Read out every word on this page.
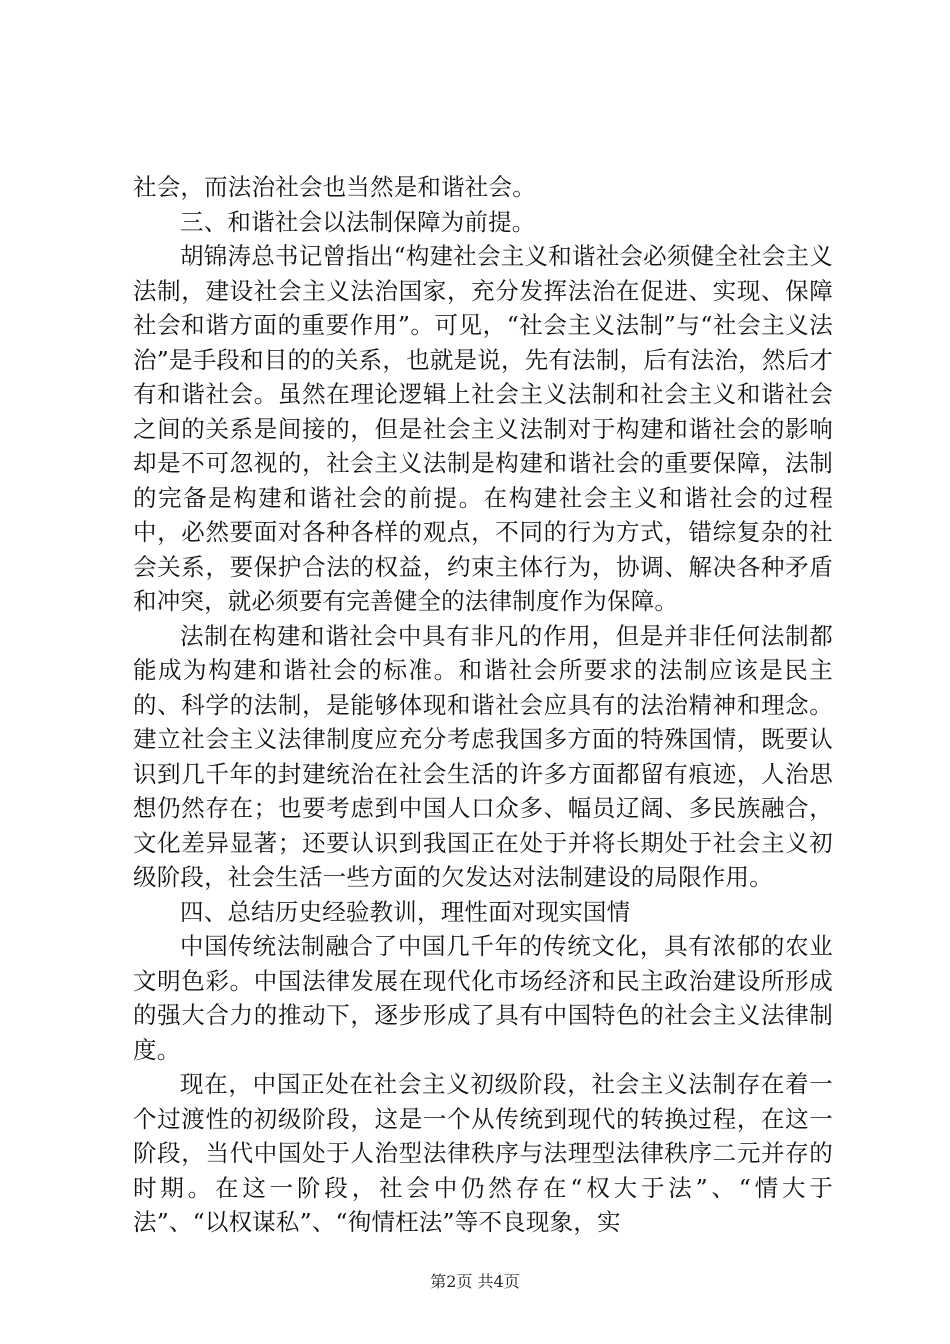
社会，而法治社会也当然是和谐社会。

三、和谐社会以法制保障为前提。

胡锦涛总书记曾指出“构建社会主义和谐社会必须健全社会主义法制，建设社会主义法治国家，充分发挥法治在促进、实现、保障社会和谐方面的重要作用”。可见，“社会主义法制”与“社会主义法治”是手段和目的的关系，也就是说，先有法制，后有法治，然后才有和谐社会。虽然在理论逻辑上社会主义法制和社会主义和谐社会之间的关系是间接的，但是社会主义法制对于构建和谐社会的影响却是不可忽视的，社会主义法制是构建和谐社会的重要保障，法制的完备是构建和谐社会的前提。在构建社会主义和谐社会的过程中，必然要面对各种各样的观点，不同的行为方式，错综复杂的社会关系，要保护合法的权益，约束主体行为，协调、解决各种矛盾和冲突，就必须要有完善健全的法律制度作为保障。

法制在构建和谐社会中具有非凡的作用，但是并非任何法制都能成为构建和谐社会的标准。和谐社会所要求的法制应该是民主的、科学的法制，是能够体现和谐社会应具有的法治精神和理念。建立社会主义法律制度应充分考虑我国多方面的特殊国情，既要认识到几千年的封建统治在社会生活的许多方面都留有痕迹，人治思想仍然存在；也要考虑到中国人口众多、幅员辽阔、多民族融合，文化差异显著；还要认识到我国正在处于并将长期处于社会主义初级阶段，社会生活一些方面的欠发达对法制建设的局限作用。

四、总结历史经验教训，理性面对现实国情

中国传统法制融合了中国几千年的传统文化，具有浓郁的农业文明色彩。中国法律发展在现代化市场经济和民主政治建设所形成的强大合力的推动下，逐步形成了具有中国特色的社会主义法律制度。

现在，中国正处在社会主义初级阶段，社会主义法制存在着一个过渡性的初级阶段，这是一个从传统到现代的转换过程，在这一阶段，当代中国处于人治型法律秩序与法理型法律秩序二元并存的时期。在这一阶段，社会中仍然存在“权大于法”、“情大于法”、“以权谋私”、“徇情枉法”等不良现象，实

第2页 共4页
